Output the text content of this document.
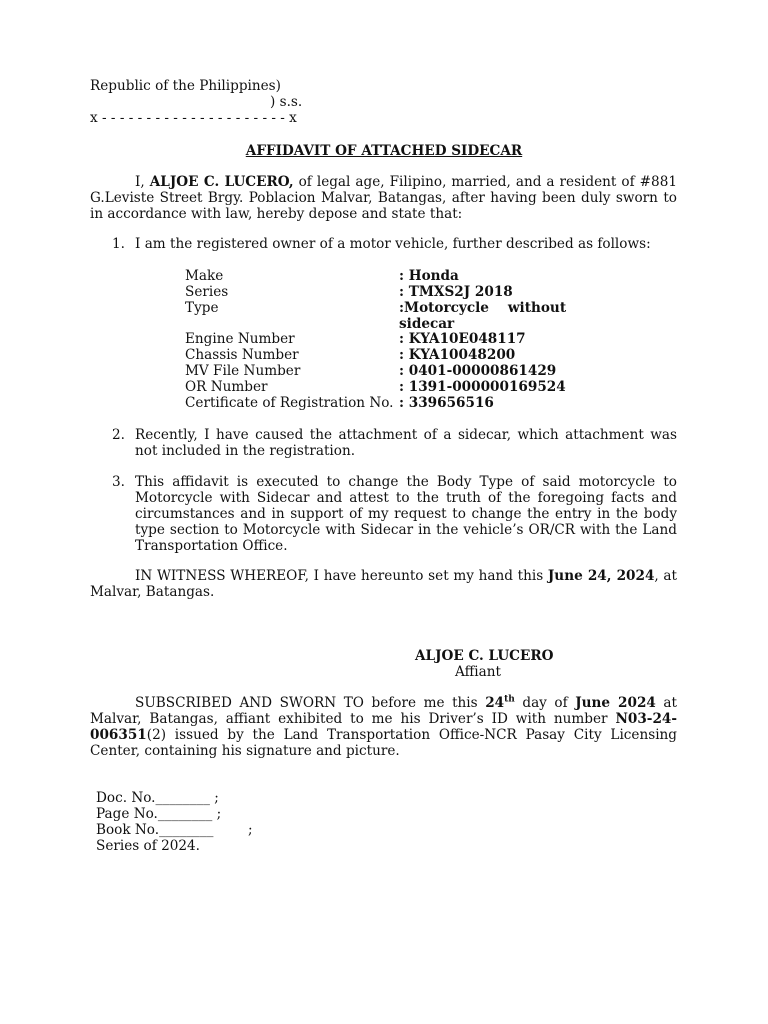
Republic of the Philippines)
) s.s.
x - - - - - - - - - - - - - - - - - - - - - x
AFFIDAVIT OF ATTACHED SIDECAR
I, ALJOE C. LUCERO, of legal age, Filipino, married, and a resident of #881 G.Leviste Street Brgy. Poblacion Malvar, Batangas, after having been duly sworn to in accordance with law, hereby depose and state that:
1. I am the registered owner of a motor vehicle, further described as follows:
Make	: Honda
Series	: TMXS2J 2018
Type	:Motorcycle    without
sidecar
Engine Number	: KYA10E048117
Chassis Number	: KYA10048200
MV File Number	: 0401-00000861429
OR Number	: 1391-000000169524
Certificate of Registration No. : 339656516
2. Recently, I have caused the attachment of a sidecar, which attachment was not included in the registration.
3. This affidavit is executed to change the Body Type of said motorcycle to Motorcycle with Sidecar and attest to the truth of the foregoing facts and circumstances and in support of my request to change the entry in the body type section to Motorcycle with Sidecar in the vehicle’s OR/CR with the Land Transportation Office.
IN WITNESS WHEREOF, I have hereunto set my hand this June 24, 2024, at Malvar, Batangas.
ALJOE C. LUCERO
Affiant
SUBSCRIBED AND SWORN TO before me this 24th day of June 2024 at Malvar, Batangas, affiant exhibited to me his Driver’s ID with number N03-24-006351(2) issued by the Land Transportation Office-NCR Pasay City Licensing Center, containing his signature and picture.
Doc. No.________ ;
Page No.________ ;
Book No.________	;
Series of 2024.
